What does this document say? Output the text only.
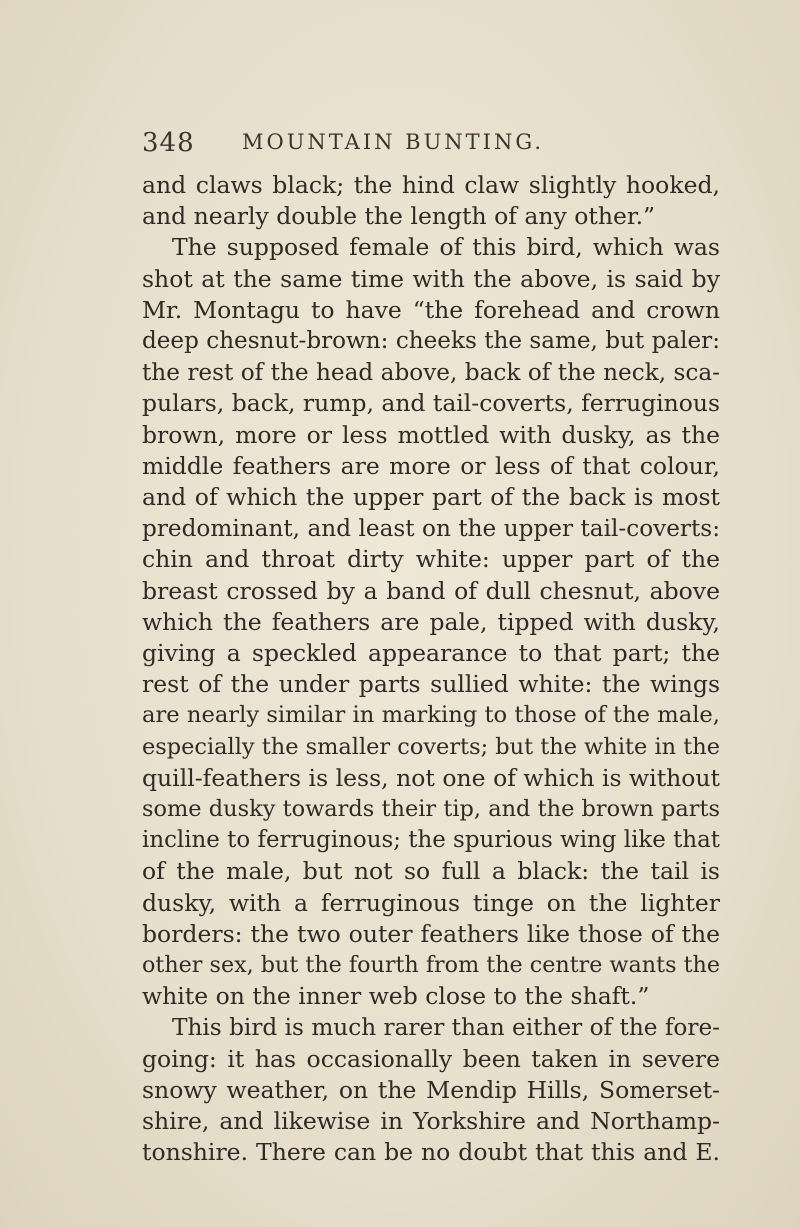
348 MOUNTAIN BUNTING.
and claws black; the hind claw slightly hooked,
and nearly double the length of any other.”
The supposed female of this bird, which was
shot at the same time with the above, is said by
Mr. Montagu to have “the forehead and crown
deep chesnut-brown: cheeks the same, but paler:
the rest of the head above, back of the neck, sca-
pulars, back, rump, and tail-coverts, ferruginous
brown, more or less mottled with dusky, as the
middle feathers are more or less of that colour,
and of which the upper part of the back is most
predominant, and least on the upper tail-coverts:
chin and throat dirty white: upper part of the
breast crossed by a band of dull chesnut, above
which the feathers are pale, tipped with dusky,
giving a speckled appearance to that part; the
rest of the under parts sullied white: the wings
are nearly similar in marking to those of the male,
especially the smaller coverts; but the white in the
quill-feathers is less, not one of which is without
some dusky towards their tip, and the brown parts
incline to ferruginous; the spurious wing like that
of the male, but not so full a black: the tail is
dusky, with a ferruginous tinge on the lighter
borders: the two outer feathers like those of the
other sex, but the fourth from the centre wants the
white on the inner web close to the shaft.”
This bird is much rarer than either of the fore-
going: it has occasionally been taken in severe
snowy weather, on the Mendip Hills, Somerset-
shire, and likewise in Yorkshire and Northamp-
tonshire. There can be no doubt that this and E.
